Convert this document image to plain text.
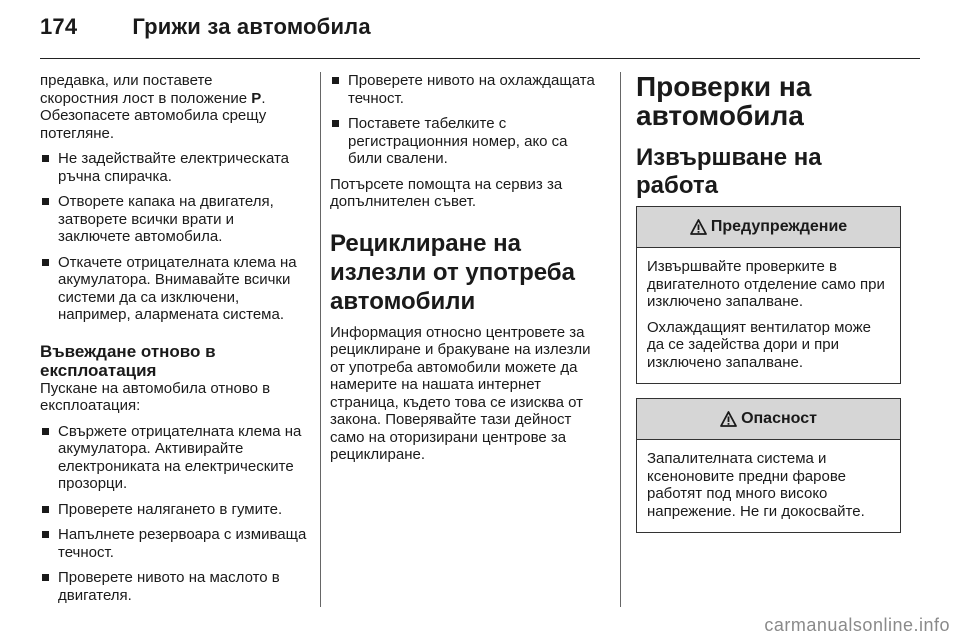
174	Грижи за автомобила

предавка, или поставете
скоростния лост в положение P.
Обезопасете автомобила срещу потегляне.

Не задействайте електрическата ръчна спирачка.
Отворете капака на двигателя, затворете всички врати и заключете автомобила.
Откачете отрицателната клема на акумулатора. Внимавайте всички системи да са изключени, например, алармената система.
Въвеждане отново в експлоатация

Пускане на автомобила отново в експлоатация:

Свържете отрицателната клема на акумулатора. Активирайте електрониката на електрическите прозорци.
Проверете налягането в гумите.
Напълнете резервоара с измиваща течност.
Проверете нивото на маслото в двигателя.
Проверете нивото на охлаждащата течност.
Поставете табелките с регистрационния номер, ако са били свалени.

Потърсете помощта на сервиз за допълнителен съвет.

Рециклиране на излезли от употреба автомобили

Информация относно центровете за рециклиране и бракуване на излезли от употреба автомобили можете да намерите на нашата интернет страница, където това се изисква от закона. Поверявайте тази дейност само на оторизирани центрове за рециклиране.

Проверки на автомобила
Извършване на работа
Предупреждение

Извършвайте проверките в двигателното отделение само при изключено запалване.

Охлаждащият вентилатор може да се задейства дори и при изключено запалване.

Опасност

Запалителната система и ксеноновите предни фарове работят под много високо напрежение. Не ги докосвайте.

carmanualsonline.info
